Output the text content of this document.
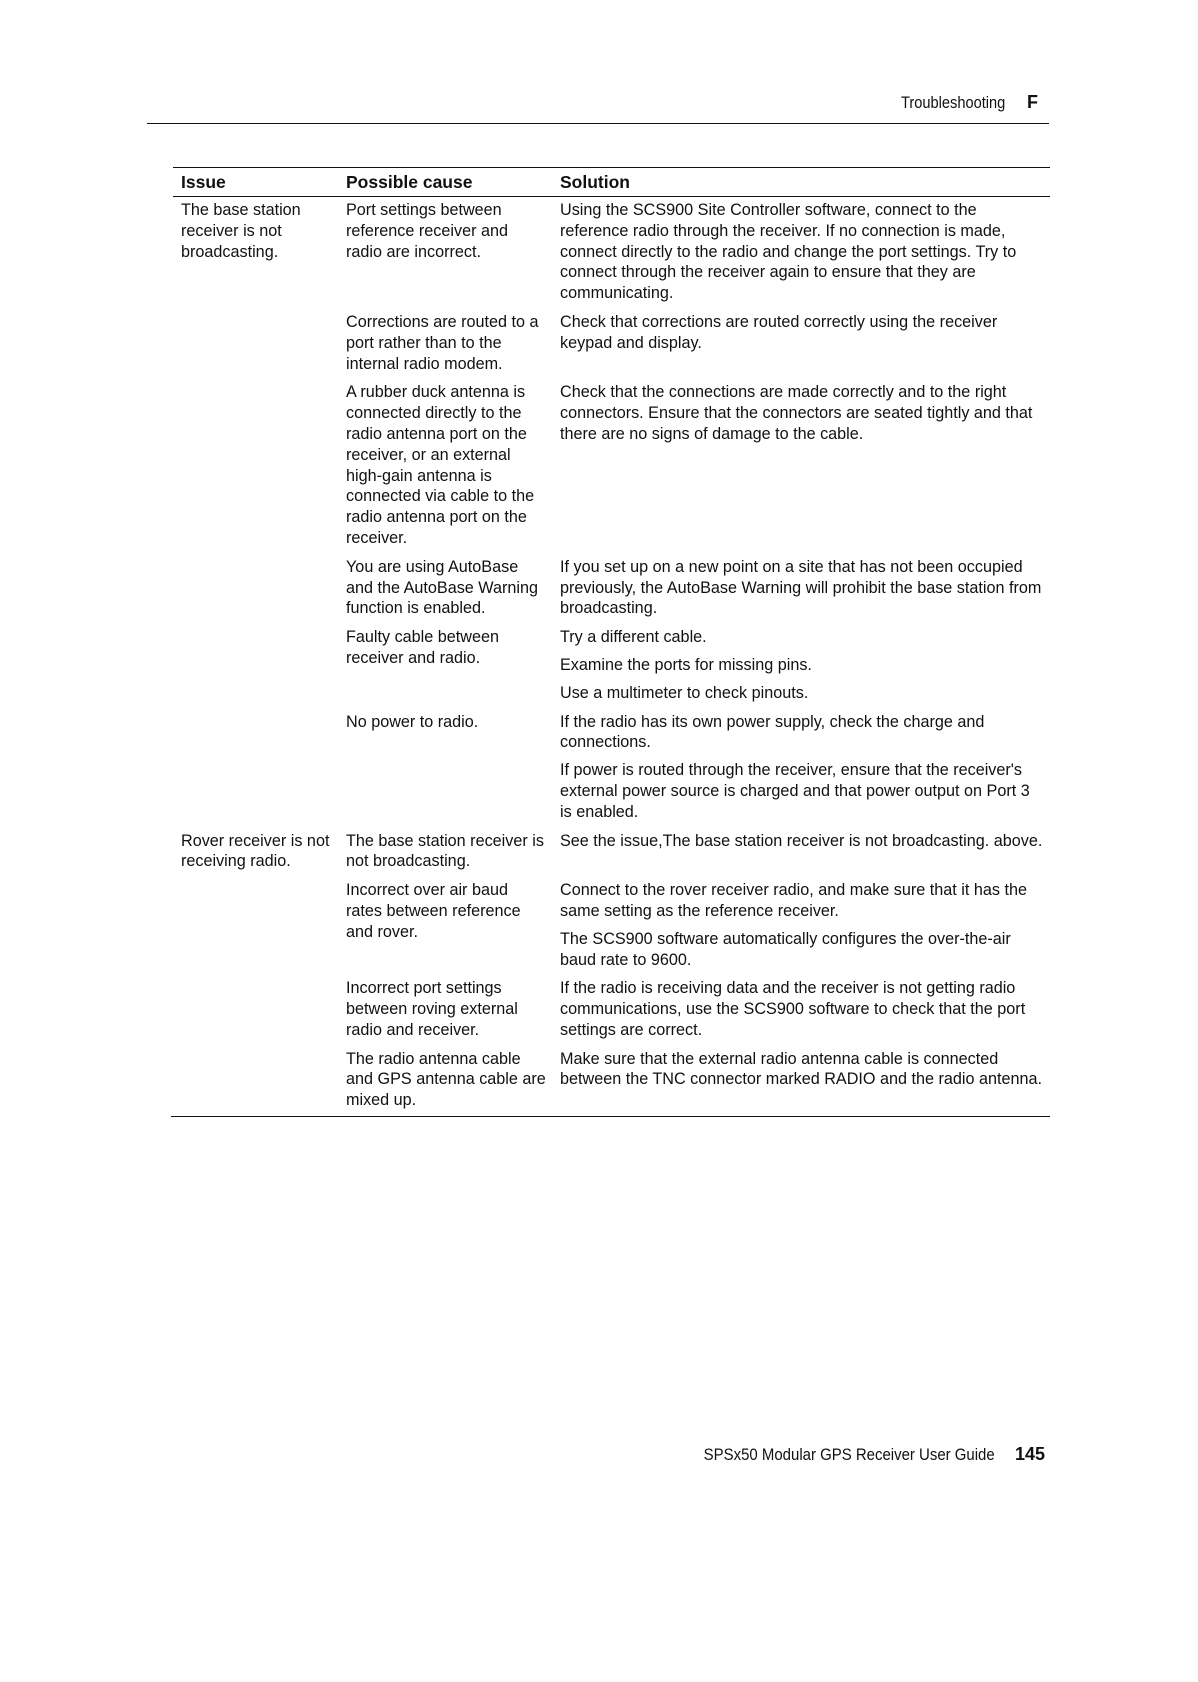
Troubleshooting F
Issue	Possible cause	Solution
The base station receiver is not broadcasting.	Port settings between reference receiver and radio are incorrect.	Using the SCS900 Site Controller software, connect to the reference radio through the receiver. If no connection is made, connect directly to the radio and change the port settings. Try to connect through the receiver again to ensure that they are communicating.

	Corrections are routed to a port rather than to the internal radio modem.	Check that corrections are routed correctly using the receiver keypad and display.

	A rubber duck antenna is connected directly to the radio antenna port on the receiver, or an external high-gain antenna is connected via cable to the radio antenna port on the receiver.	Check that the connections are made correctly and to the right connectors. Ensure that the connectors are seated tightly and that there are no signs of damage to the cable.

	You are using AutoBase and the AutoBase Warning function is enabled.	If you set up on a new point on a site that has not been occupied previously, the AutoBase Warning will prohibit the base station from broadcasting.

	Faulty cable between receiver and radio.	Try a different cable.

Examine the ports for missing pins.

Use a multimeter to check pinouts.

	No power to radio.	If the radio has its own power supply, check the charge and connections.

If power is routed through the receiver, ensure that the receiver's external power source is charged and that power output on Port 3 is enabled.

Rover receiver is not receiving radio.	The base station receiver is not broadcasting.	See the issue,The base station receiver is not broadcasting. above.

	Incorrect over air baud rates between reference and rover.	Connect to the rover receiver radio, and make sure that it has the same setting as the reference receiver.

The SCS900 software automatically configures the over-the-air baud rate to 9600.

	Incorrect port settings between roving external radio and receiver.	If the radio is receiving data and the receiver is not getting radio communications, use the SCS900 software to check that the port settings are correct.

	The radio antenna cable and GPS antenna cable are mixed up.	Make sure that the external radio antenna cable is connected between the TNC connector marked RADIO and the radio antenna.

SPSx50 Modular GPS Receiver User Guide 145
